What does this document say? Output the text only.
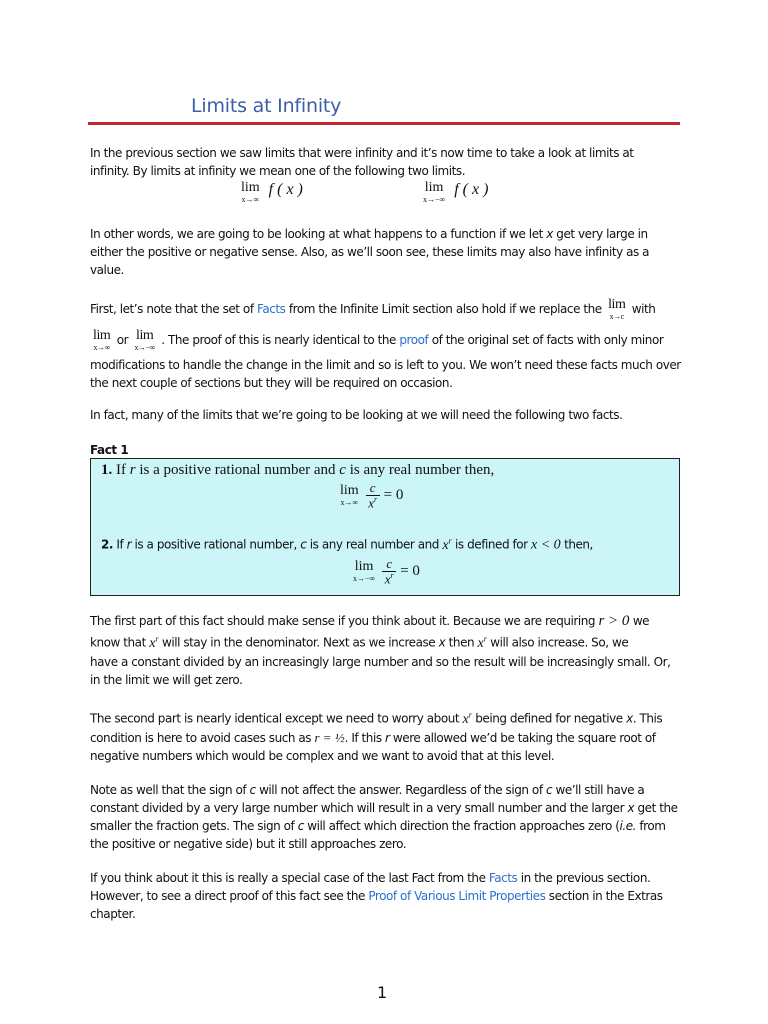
Limits at Infinity
In the previous section we saw limits that were infinity and it’s now time to take a look at limits at
infinity. By limits at infinity we mean one of the following two limits.
lim
x→∞
f ( x )	lim
x→−∞
f ( x )
In other words, we are going to be looking at what happens to a function if we let x get very large in either the positive or negative sense. Also, as we’ll soon see, these limits may also have infinity as a value.
First, let’s note that the set of Facts from the Infinite Limit section also hold if we replace the lim
x→c
with
lim
x→∞
or lim
x→−∞
. The proof of this is nearly identical to the proof of the original set of facts with only minor
modifications to handle the change in the limit and so is left to you. We won’t need these facts much over the next couple of sections but they will be required on occasion.
In fact, many of the limits that we’re going to be looking at we will need the following two facts.
Fact 1
1. If r is a positive rational number and c is any real number then,
lim
$x\to\infty \frac{c}{x^r} = 0$
2. If r is a positive rational number, c is any real number and $x^r$ is defined for x < 0 then,
lim
$x\to-\infty \frac{c}{x^r} = 0$
The first part of this fact should make sense if you think about it. Because we are requiring r > 0 we
know that $x^r$ will stay in the denominator. Next as we increase x then $x^r$ will also increase. So, we
have a constant divided by an increasingly large number and so the result will be increasingly small. Or, in the limit we will get zero.
The second part is nearly identical except we need to worry about $x^r$ being defined for negative x. This condition is here to avoid cases such as r = ½. If this r were allowed we’d be taking the square root of negative numbers which would be complex and we want to avoid that at this level.
Note as well that the sign of c will not affect the answer. Regardless of the sign of c we’ll still have a constant divided by a very large number which will result in a very small number and the larger x get the smaller the fraction gets. The sign of c will affect which direction the fraction approaches zero (i.e. from the positive or negative side) but it still approaches zero.
If you think about it this is really a special case of the last Fact from the Facts in the previous section. However, to see a direct proof of this fact see the Proof of Various Limit Properties section in the Extras chapter.
1
